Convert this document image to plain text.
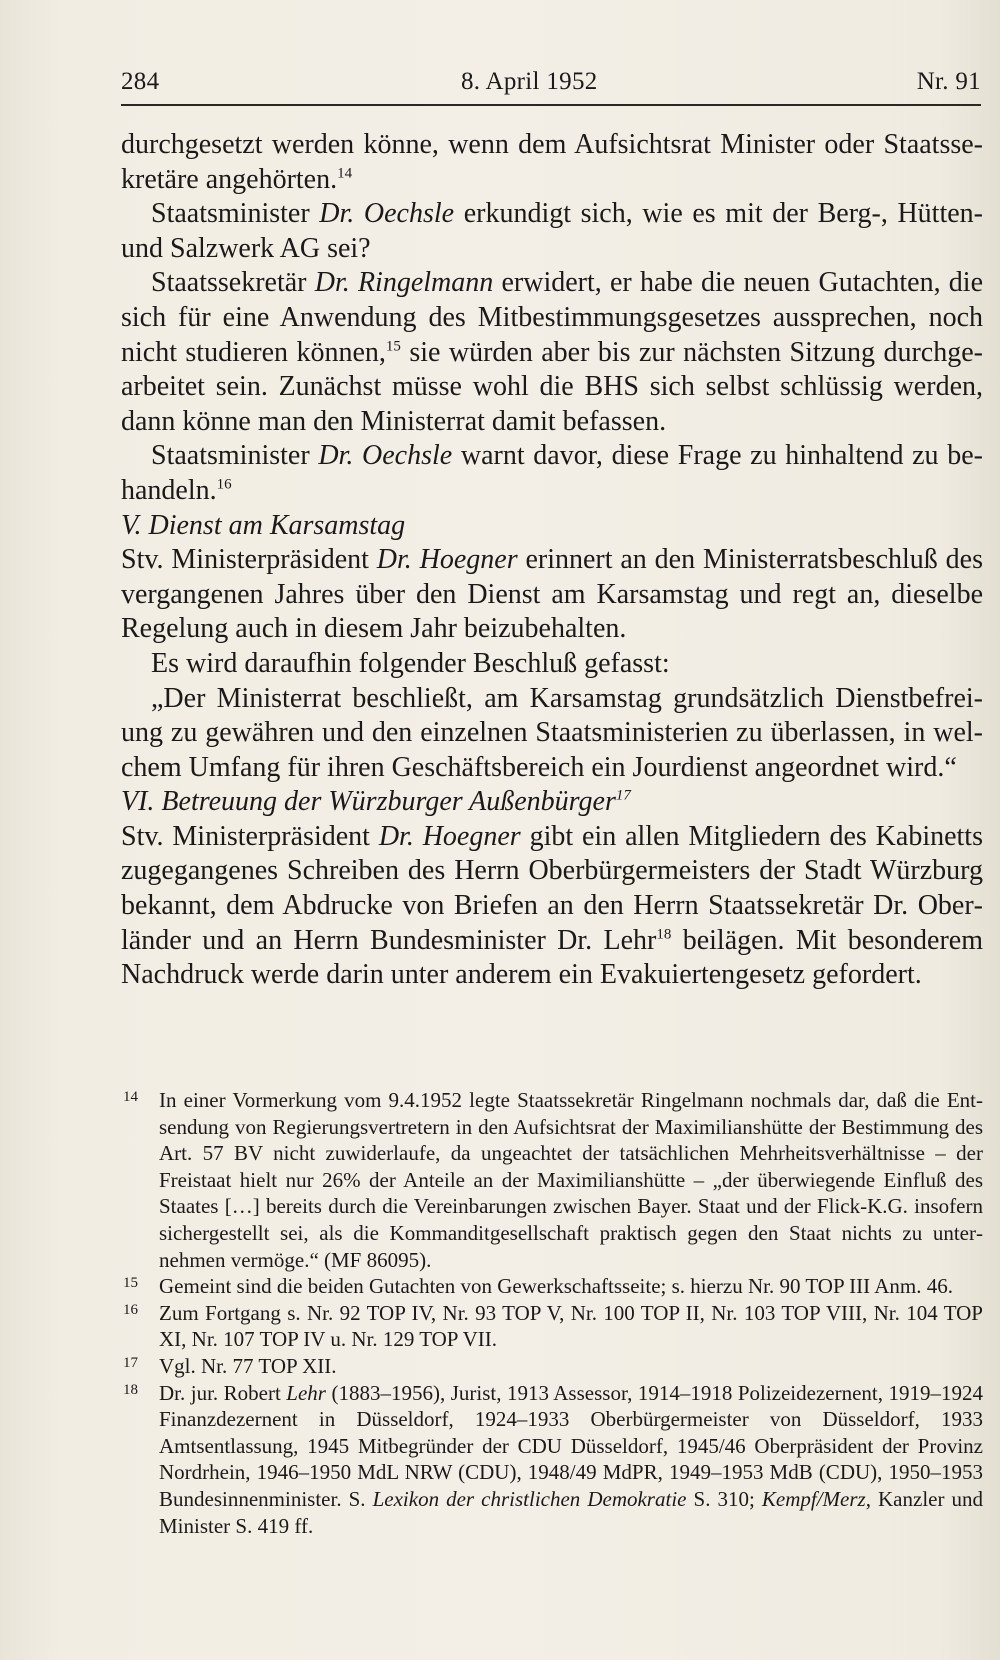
284	8. April 1952	Nr. 91

durchgesetzt werden könne, wenn dem Aufsichtsrat Minister oder Staatssekretäre angehörten.$^{14}$

Staatsminister Dr. Oechsle erkundigt sich, wie es mit der Berg-, Hütten- und Salzwerk AG sei?

Staatssekretär Dr. Ringelmann erwidert, er habe die neuen Gutachten, die sich für eine Anwendung des Mitbestimmungsgesetzes aussprechen, noch nicht studieren können,$^{15}$ sie würden aber bis zur nächsten Sitzung durchgearbeitet sein. Zunächst müsse wohl die BHS sich selbst schlüssig werden, dann könne man den Ministerrat damit befassen.

Staatsminister Dr. Oechsle warnt davor, diese Frage zu hinhaltend zu behandeln.$^{16}$

V. Dienst am Karsamstag

Stv. Ministerpräsident Dr. Hoegner erinnert an den Ministerratsbeschluß des vergangenen Jahres über den Dienst am Karsamstag und regt an, dieselbe Regelung auch in diesem Jahr beizubehalten.

Es wird daraufhin folgender Beschluß gefasst:

„Der Ministerrat beschließt, am Karsamstag grundsätzlich Dienstbefreiung zu gewähren und den einzelnen Staatsministerien zu überlassen, in welchem Umfang für ihren Geschäftsbereich ein Jourdienst angeordnet wird.“

VI. Betreuung der Würzburger Außenbürger$^{17}$

Stv. Ministerpräsident Dr. Hoegner gibt ein allen Mitgliedern des Kabinetts zugegangenes Schreiben des Herrn Oberbürgermeisters der Stadt Würzburg bekannt, dem Abdrucke von Briefen an den Herrn Staatssekretär Dr. Oberländer und an Herrn Bundesminister Dr. Lehr$^{18}$ beilägen. Mit besonderem Nachdruck werde darin unter anderem ein Evakuiertengesetz gefordert.

14 In einer Vormerkung vom 9.4.1952 legte Staatssekretär Ringelmann nochmals dar, daß die Entsendung von Regierungsvertretern in den Aufsichtsrat der Maximilianshütte der Bestimmung des Art. 57 BV nicht zuwiderlaufe, da ungeachtet der tatsächlichen Mehrheitsverhältnisse – der Freistaat hielt nur 26% der Anteile an der Maximilianshütte – „der überwiegende Einfluß des Staates […] bereits durch die Vereinbarungen zwischen Bayer. Staat und der Flick-K.G. insofern sichergestellt sei, als die Kommanditgesellschaft praktisch gegen den Staat nichts zu unternehmen vermöge.“ (MF 86095).

15 Gemeint sind die beiden Gutachten von Gewerkschaftsseite; s. hierzu Nr. 90 TOP III Anm. 46.

16 Zum Fortgang s. Nr. 92 TOP IV, Nr. 93 TOP V, Nr. 100 TOP II, Nr. 103 TOP VIII, Nr. 104 TOP XI, Nr. 107 TOP IV u. Nr. 129 TOP VII.

17 Vgl. Nr. 77 TOP XII.

18 Dr. jur. Robert Lehr (1883–1956), Jurist, 1913 Assessor, 1914–1918 Polizeidezernent, 1919–1924 Finanzdezernent in Düsseldorf, 1924–1933 Oberbürgermeister von Düsseldorf, 1933 Amtsentlassung, 1945 Mitbegründer der CDU Düsseldorf, 1945/46 Oberpräsident der Provinz Nordrhein, 1946–1950 MdL NRW (CDU), 1948/49 MdPR, 1949–1953 MdB (CDU), 1950–1953 Bundesinnenminister. S. Lexikon der christlichen Demokratie S. 310; Kempf/Merz, Kanzler und Minister S. 419 ff.
